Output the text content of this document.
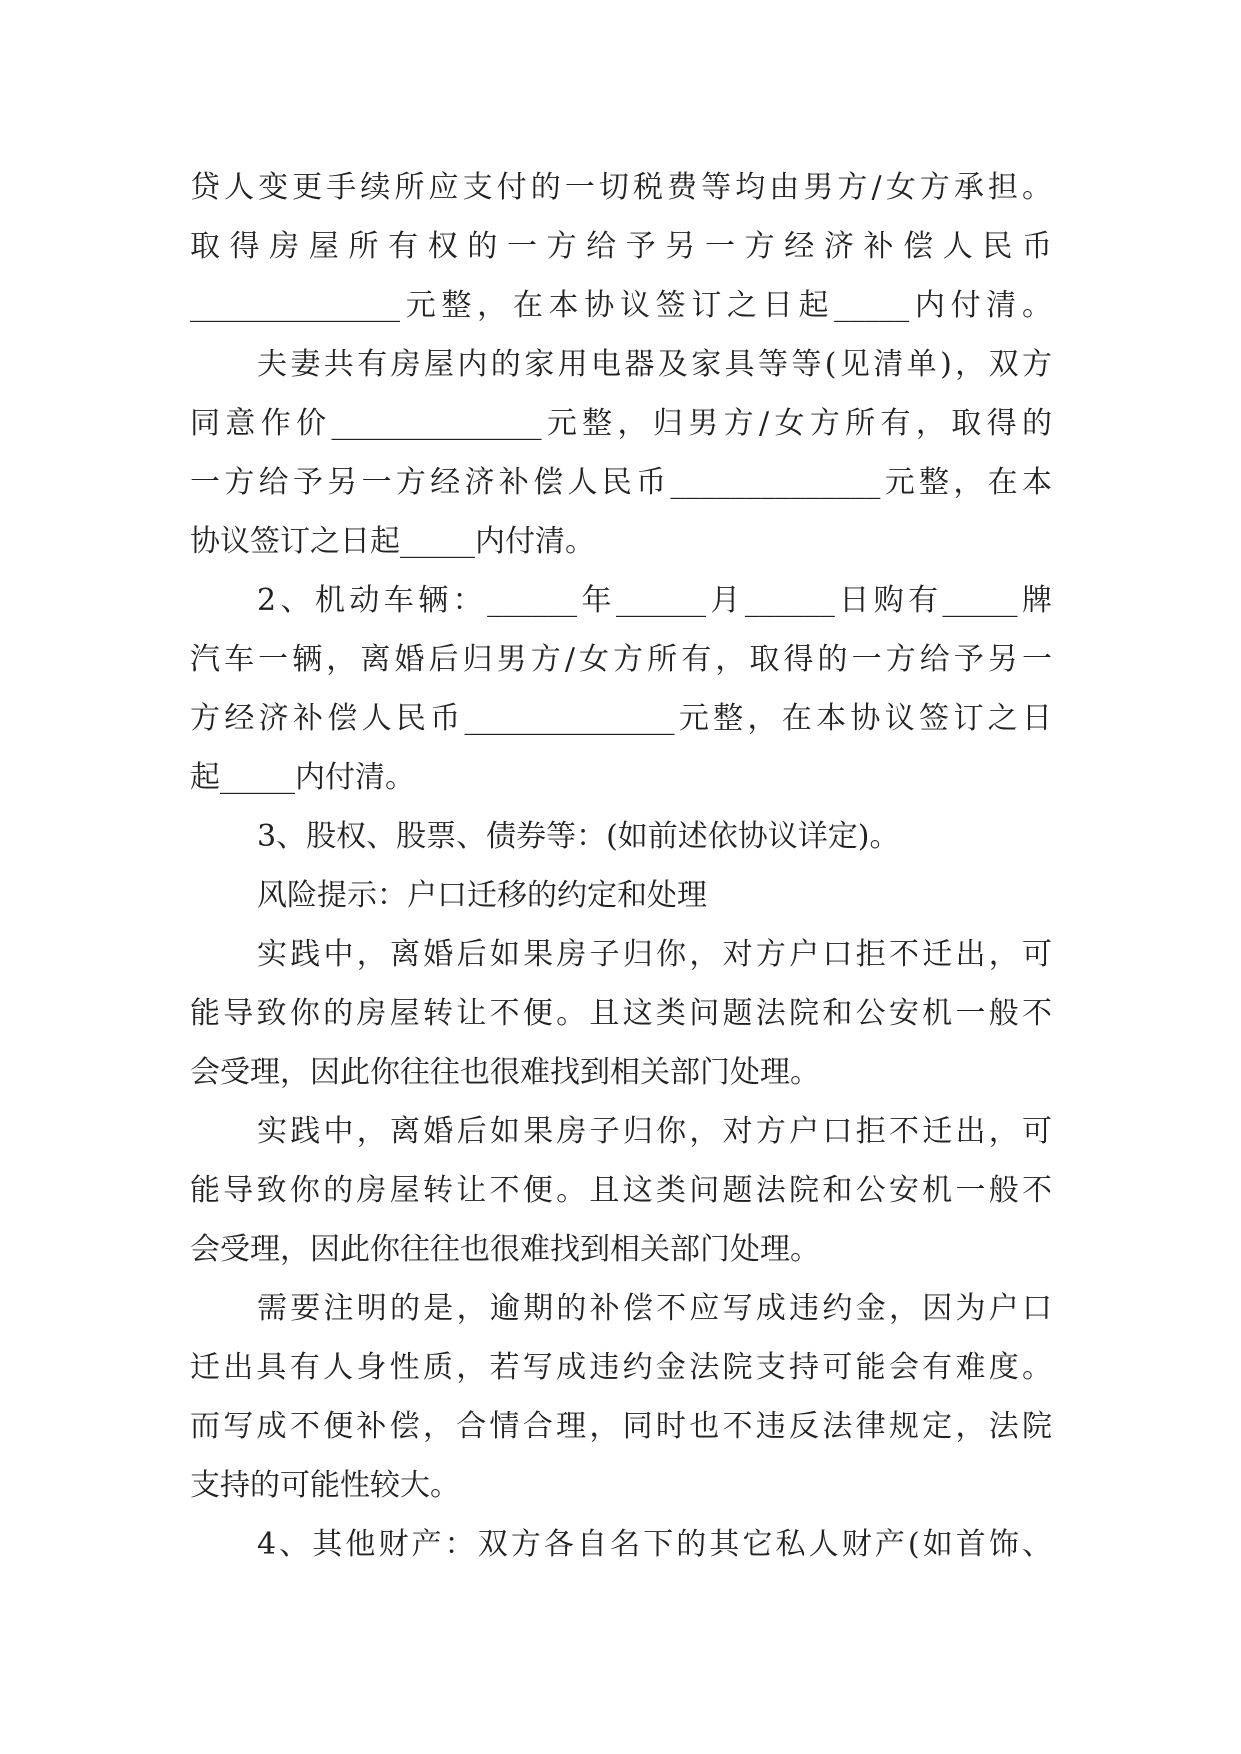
贷人变更手续所应支付的一切税费等均由男方/女方承担。
取得房屋所有权的一方给予另一方经济补偿人民币
______________元整，在本协议签订之日起_____内付清。
夫妻共有房屋内的家用电器及家具等等(见清单)，双方
同意作价______________元整，归男方/女方所有，取得的
一方给予另一方经济补偿人民币______________元整，在本
协议签订之日起_____内付清。
2、机动车辆：______年______月______日购有_____牌
汽车一辆，离婚后归男方/女方所有，取得的一方给予另一
方经济补偿人民币______________元整，在本协议签订之日
起_____内付清。
3、股权、股票、债券等：(如前述依协议详定)。
风险提示：户口迁移的约定和处理
实践中，离婚后如果房子归你，对方户口拒不迁出，可
能导致你的房屋转让不便。且这类问题法院和公安机一般不
会受理，因此你往往也很难找到相关部门处理。
实践中，离婚后如果房子归你，对方户口拒不迁出，可
能导致你的房屋转让不便。且这类问题法院和公安机一般不
会受理，因此你往往也很难找到相关部门处理。
需要注明的是，逾期的补偿不应写成违约金，因为户口
迁出具有人身性质，若写成违约金法院支持可能会有难度。
而写成不便补偿，合情合理，同时也不违反法律规定，法院
支持的可能性较大。
4、其他财产：双方各自名下的其它私人财产(如首饰、
